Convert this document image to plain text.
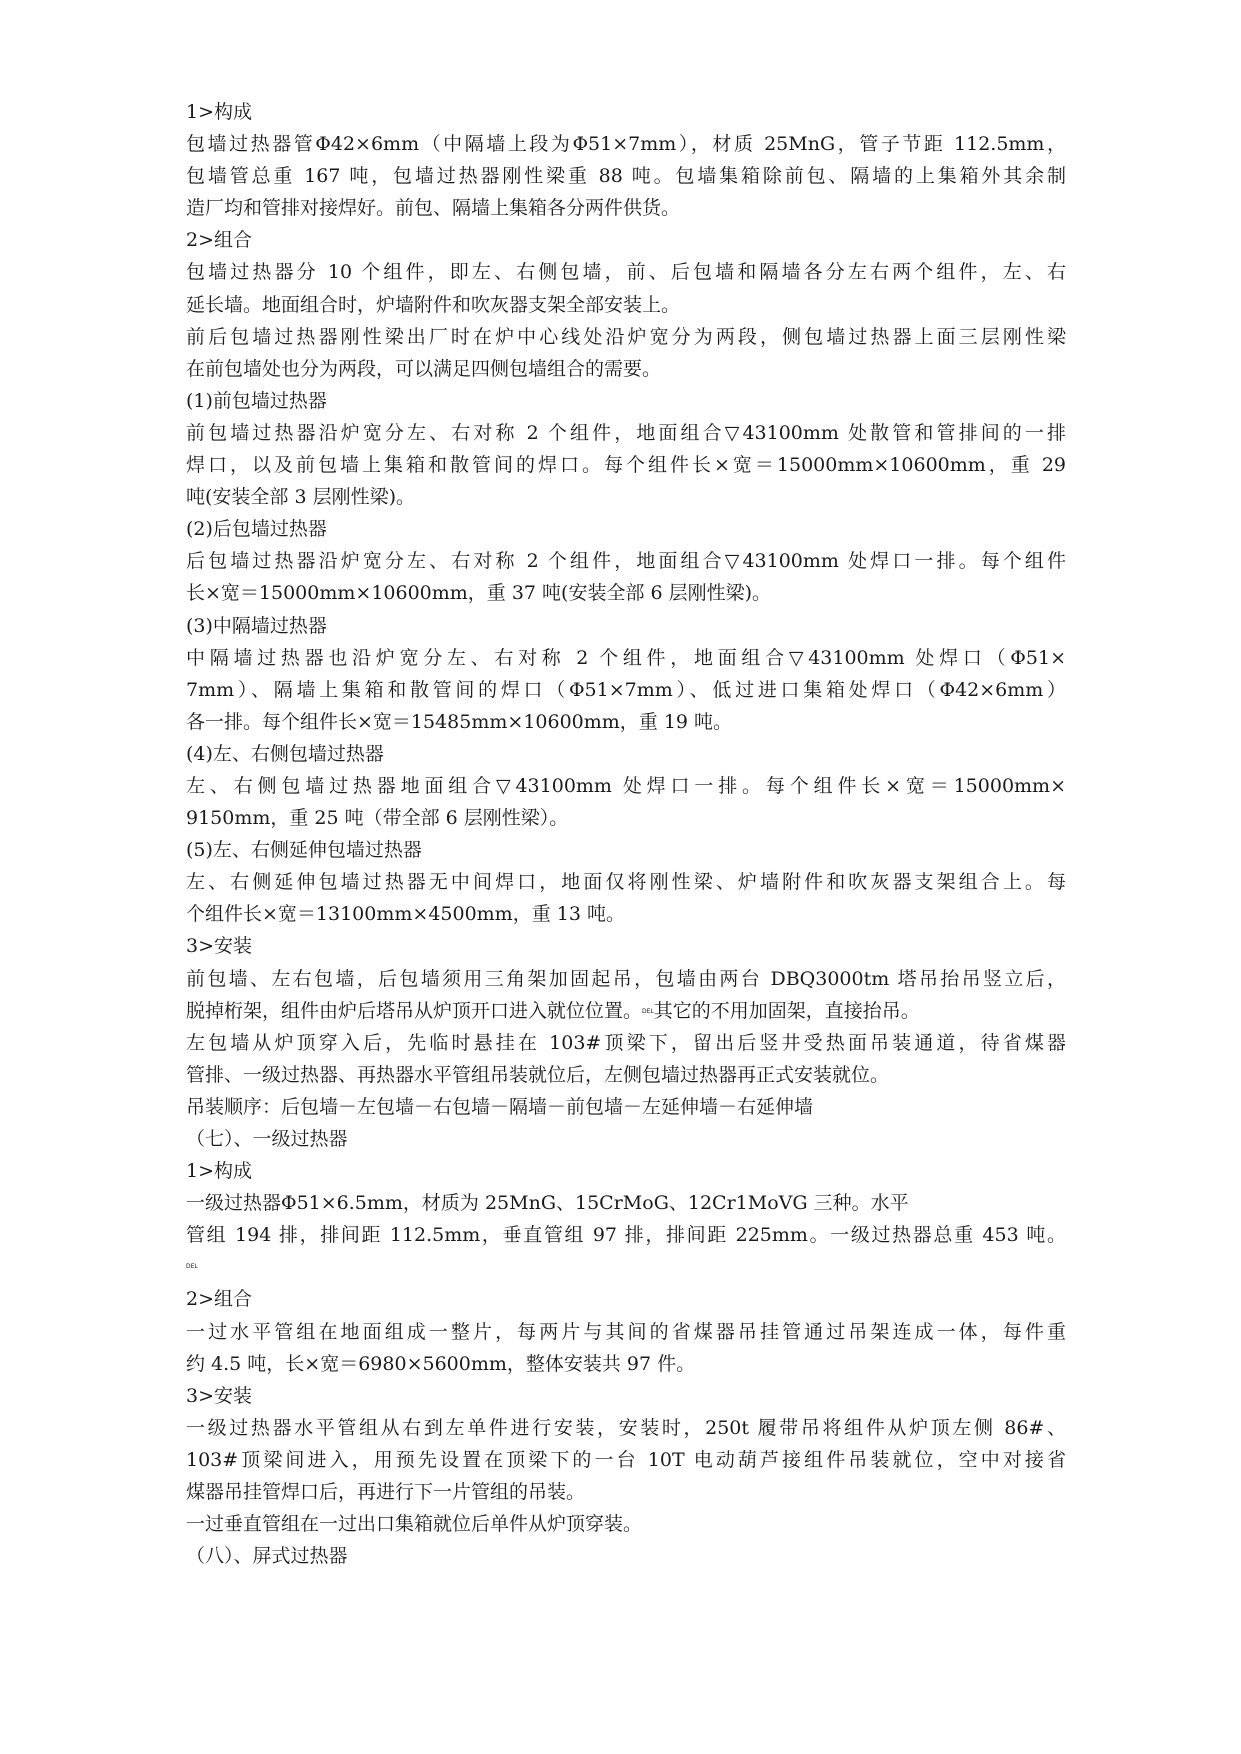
1>构成
包墙过热器管Φ42×6mm（中隔墙上段为Φ51×7mm），材质 25MnG，管子节距 112.5mm，
包墙管总重 167 吨，包墙过热器刚性梁重 88 吨。包墙集箱除前包、隔墙的上集箱外其余制
造厂均和管排对接焊好。前包、隔墙上集箱各分两件供货。
2>组合
包墙过热器分 10 个组件，即左、右侧包墙，前、后包墙和隔墙各分左右两个组件，左、右
延长墙。地面组合时，炉墙附件和吹灰器支架全部安装上。
前后包墙过热器刚性梁出厂时在炉中心线处沿炉宽分为两段，侧包墙过热器上面三层刚性梁
在前包墙处也分为两段，可以满足四侧包墙组合的需要。
(1)前包墙过热器
前包墙过热器沿炉宽分左、右对称 2 个组件，地面组合▽43100mm 处散管和管排间的一排
焊口，以及前包墙上集箱和散管间的焊口。每个组件长×宽＝15000mm×10600mm，重 29
吨(安装全部 3 层刚性梁)。
(2)后包墙过热器
后包墙过热器沿炉宽分左、右对称 2 个组件，地面组合▽43100mm 处焊口一排。每个组件
长×宽＝15000mm×10600mm，重 37 吨(安装全部 6 层刚性梁)。
(3)中隔墙过热器
中隔墙过热器也沿炉宽分左、右对称 2 个组件，地面组合▽43100mm 处焊口（Φ51×
7mm）、隔墙上集箱和散管间的焊口（Φ51×7mm）、低过进口集箱处焊口（Φ42×6mm）
各一排。每个组件长×宽＝15485mm×10600mm，重 19 吨。
(4)左、右侧包墙过热器
左、右侧包墙过热器地面组合▽43100mm 处焊口一排。每个组件长×宽＝15000mm×
9150mm，重 25 吨（带全部 6 层刚性梁）。
(5)左、右侧延伸包墙过热器
左、右侧延伸包墙过热器无中间焊口，地面仅将刚性梁、炉墙附件和吹灰器支架组合上。每
个组件长×宽＝13100mm×4500mm，重 13 吨。
3>安装
前包墙、左右包墙，后包墙须用三角架加固起吊，包墙由两台 DBQ3000tm 塔吊抬吊竖立后，
脱掉桁架，组件由炉后塔吊从炉顶开口进入就位位置。DEL其它的不用加固架，直接抬吊。
左包墙从炉顶穿入后，先临时悬挂在 103#顶梁下，留出后竖井受热面吊装通道，待省煤器
管排、一级过热器、再热器水平管组吊装就位后，左侧包墙过热器再正式安装就位。
吊装顺序：后包墙－左包墙－右包墙－隔墙－前包墙－左延伸墙－右延伸墙
（七）、一级过热器
1>构成
一级过热器Φ51×6.5mm，材质为 25MnG、15CrMoG、12Cr1MoVG 三种。水平
管组 194 排，排间距 112.5mm，垂直管组 97 排，排间距 225mm。一级过热器总重 453 吨。
DEL
2>组合
一过水平管组在地面组成一整片，每两片与其间的省煤器吊挂管通过吊架连成一体，每件重
约 4.5 吨，长×宽＝6980×5600mm，整体安装共 97 件。
3>安装
一级过热器水平管组从右到左单件进行安装，安装时，250t 履带吊将组件从炉顶左侧 86#、
103#顶梁间进入，用预先设置在顶梁下的一台 10T 电动葫芦接组件吊装就位，空中对接省
煤器吊挂管焊口后，再进行下一片管组的吊装。
一过垂直管组在一过出口集箱就位后单件从炉顶穿装。
（八）、屏式过热器
